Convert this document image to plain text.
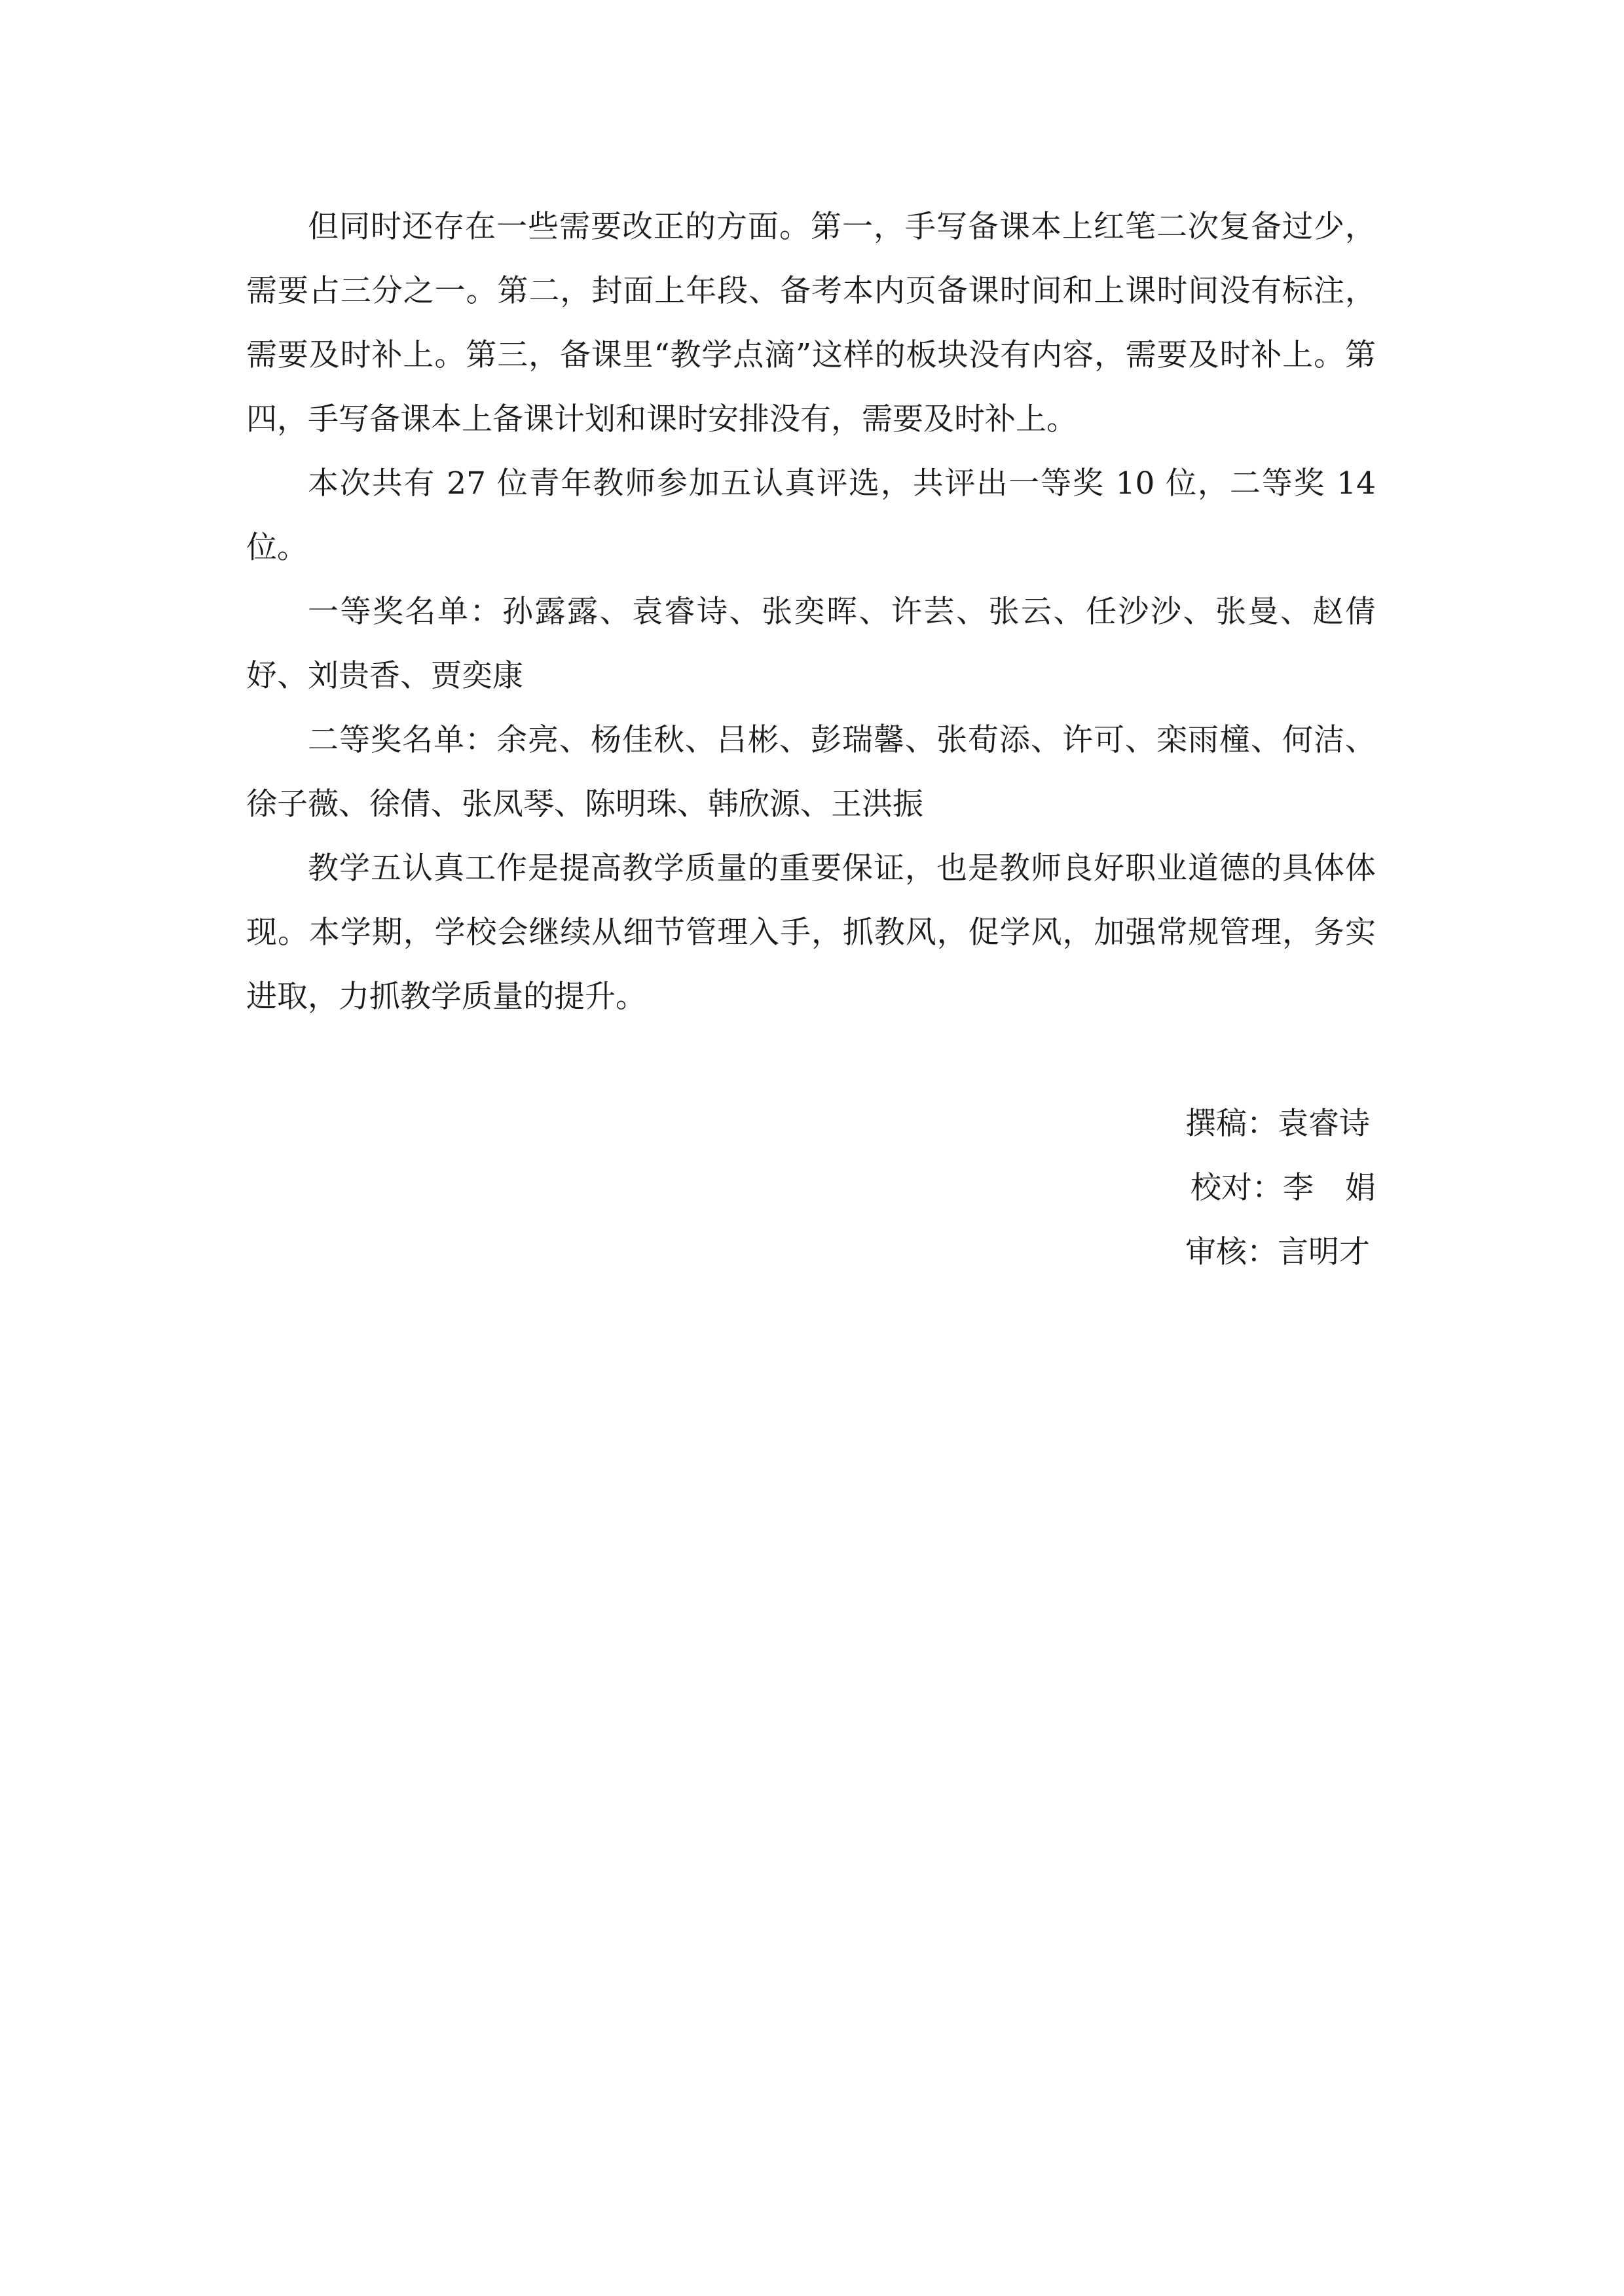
但同时还存在一些需要改正的方面。第一，手写备课本上红笔二次复备过少，需要占三分之一。第二，封面上年段、备考本内页备课时间和上课时间没有标注，需要及时补上。第三，备课里“教学点滴”这样的板块没有内容，需要及时补上。第四，手写备课本上备课计划和课时安排没有，需要及时补上。

本次共有 27 位青年教师参加五认真评选，共评出一等奖 10 位，二等奖 14 位。

一等奖名单：孙露露、袁睿诗、张奕晖、许芸、张云、任沙沙、张曼、赵倩妤、刘贵香、贾奕康

二等奖名单：余亮、杨佳秋、吕彬、彭瑞馨、张荀添、许可、栾雨橦、何洁、徐子薇、徐倩、张凤琴、陈明珠、韩欣源、王洪振

教学五认真工作是提高教学质量的重要保证，也是教师良好职业道德的具体体现。本学期，学校会继续从细节管理入手，抓教风，促学风，加强常规管理，务实进取，力抓教学质量的提升。

撰稿：袁睿诗
校对：李娟
审核：言明才
